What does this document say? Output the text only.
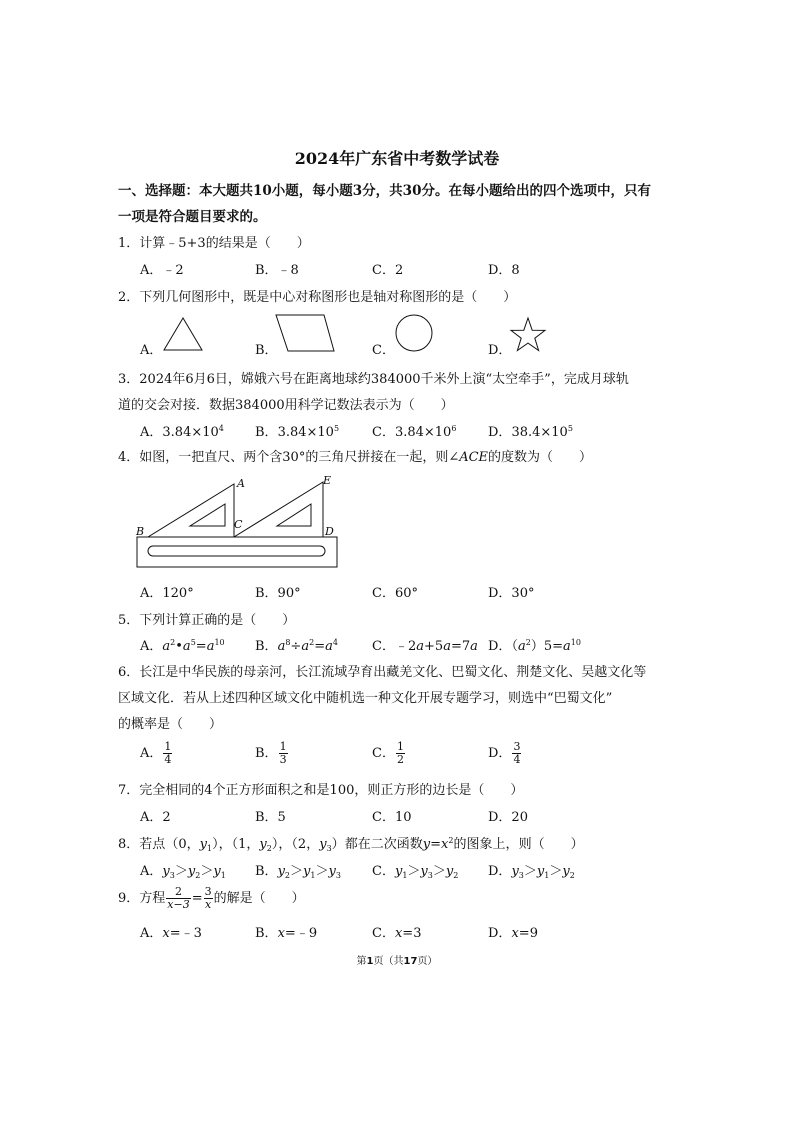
2024年广东省中考数学试卷
一、选择题：本大题共10小题，每小题3分，共30分。在每小题给出的四个选项中，只有
一项是符合题目要求的。
1．计算﹣5+3的结果是（　　）
A．﹣2	B．﹣8	C．2	D．8
2．下列几何图形中，既是中心对称图形也是轴对称图形的是（　　）
A．	B．	C．	D．
3．2024年6月6日，嫦娥六号在距离地球约384000千米外上演“太空牵手”，完成月球轨
道的交会对接．数据384000用科学记数法表示为（　　）
A．$3.84\times 10^4$ B．$3.84\times 10^5$	C．$3.84\times 10^6$ D．$38.4\times 10^5$
4．如图，一把直尺、两个含30°的三角尺拼接在一起，则∠ACE的度数为（　　）
A
B
C
D
E
A．120°	B．90°	C．60°	D．30°
5．下列计算正确的是（　　）
A．$a^2•a^5=a^{10}$ B．$a^8\div a^2=a^4$	C．﹣2a+5a=7a D．$(a^2)5=a^{10}$
6．长江是中华民族的母亲河，长江流域孕育出藏羌文化、巴蜀文化、荆楚文化、吴越文化等
区域文化．若从上述四种区域文化中随机选一种文化开展专题学习，则选中“巴蜀文化”
的概率是（　　）
A． $\frac{1}{4}$	B． $\frac{1}{3}$	C． $\frac{1}{2}$	D． $\frac{3}{4}$
7．完全相同的4个正方形面积之和是100，则正方形的边长是（　　）
A．2	B．5	C．10	D．20
8．若点（0，$y_1$），（1，$y_2$），（2，$y_3$）都在二次函数$y=x^2$的图象上，则（　　 ）
A．$y_3>y_2>y_1$ B．$y_2>y_1>y_3$ C．$y_1>y_3>y_2$ D．$y_3>y_1>y_2$
9．方程 $\frac{2}{x-3} = \frac{3}{x}$ 的解是（　　）
A．x=﹣3	B．x=﹣9	C．x=3	D．x=9
第1页（共17页）
